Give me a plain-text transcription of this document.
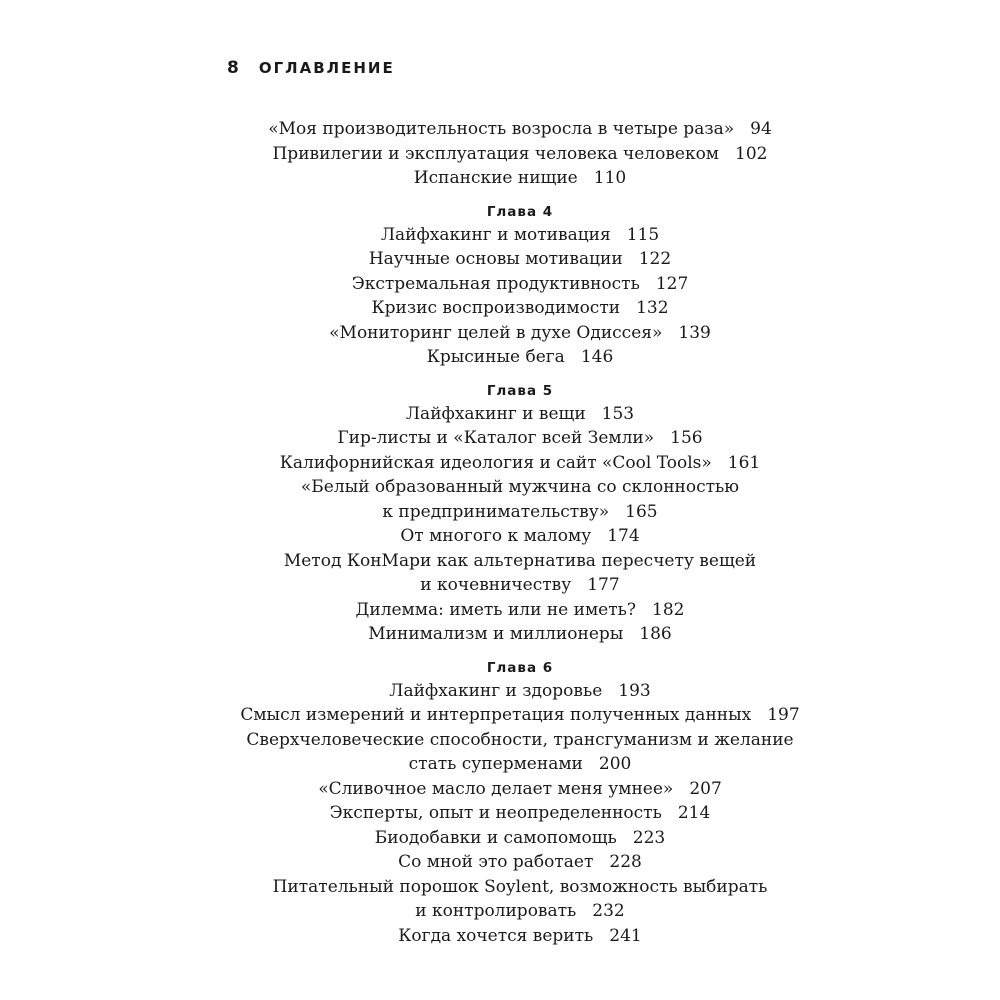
8 ОГЛАВЛЕНИЕ
«Моя производительность возросла в четыре раза» 94
Привилегии и эксплуатация человека человеком 102
Испанские нищие 110
Глава 4
Лайфхакинг и мотивация 115
Научные основы мотивации 122
Экстремальная продуктивность 127
Кризис воспроизводимости 132
«Мониторинг целей в духе Одиссея» 139
Крысиные бега 146
Глава 5
Лайфхакинг и вещи 153
Гир-листы и «Каталог всей Земли» 156
Калифорнийская идеология и сайт «Cool Tools» 161
«Белый образованный мужчина со склонностью
к предпринимательству» 165
От многого к малому 174
Метод КонМари как альтернатива пересчету вещей
и кочевничеству 177
Дилемма: иметь или не иметь? 182
Минимализм и миллионеры 186
Глава 6
Лайфхакинг и здоровье 193
Смысл измерений и интерпретация полученных данных 197
Сверхчеловеческие способности, трансгуманизм и желание
стать суперменами 200
«Сливочное масло делает меня умнее» 207
Эксперты, опыт и неопределенность 214
Биодобавки и самопомощь 223
Со мной это работает 228
Питательный порошок Soylent, возможность выбирать
и контролировать 232
Когда хочется верить 241
